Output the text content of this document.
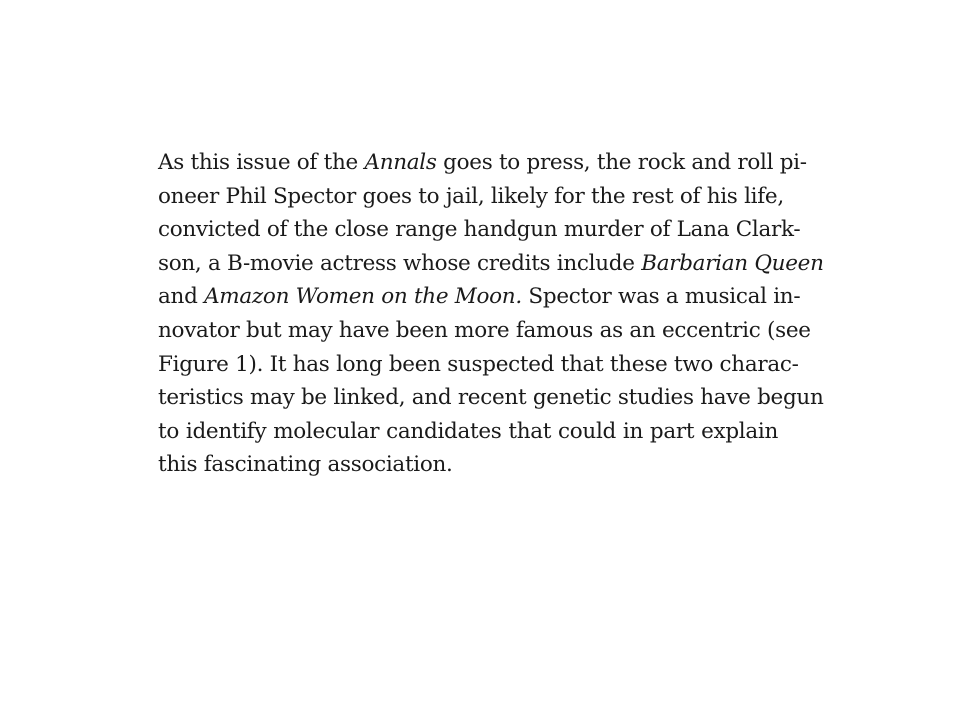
As this issue of the Annals goes to press, the rock and roll pi-
oneer Phil Spector goes to jail, likely for the rest of his life,
convicted of the close range handgun murder of Lana Clark-
son, a B-movie actress whose credits include Barbarian Queen
and Amazon Women on the Moon. Spector was a musical in-
novator but may have been more famous as an eccentric (see
Figure 1). It has long been suspected that these two charac-
teristics may be linked, and recent genetic studies have begun
to identify molecular candidates that could in part explain
this fascinating association.
